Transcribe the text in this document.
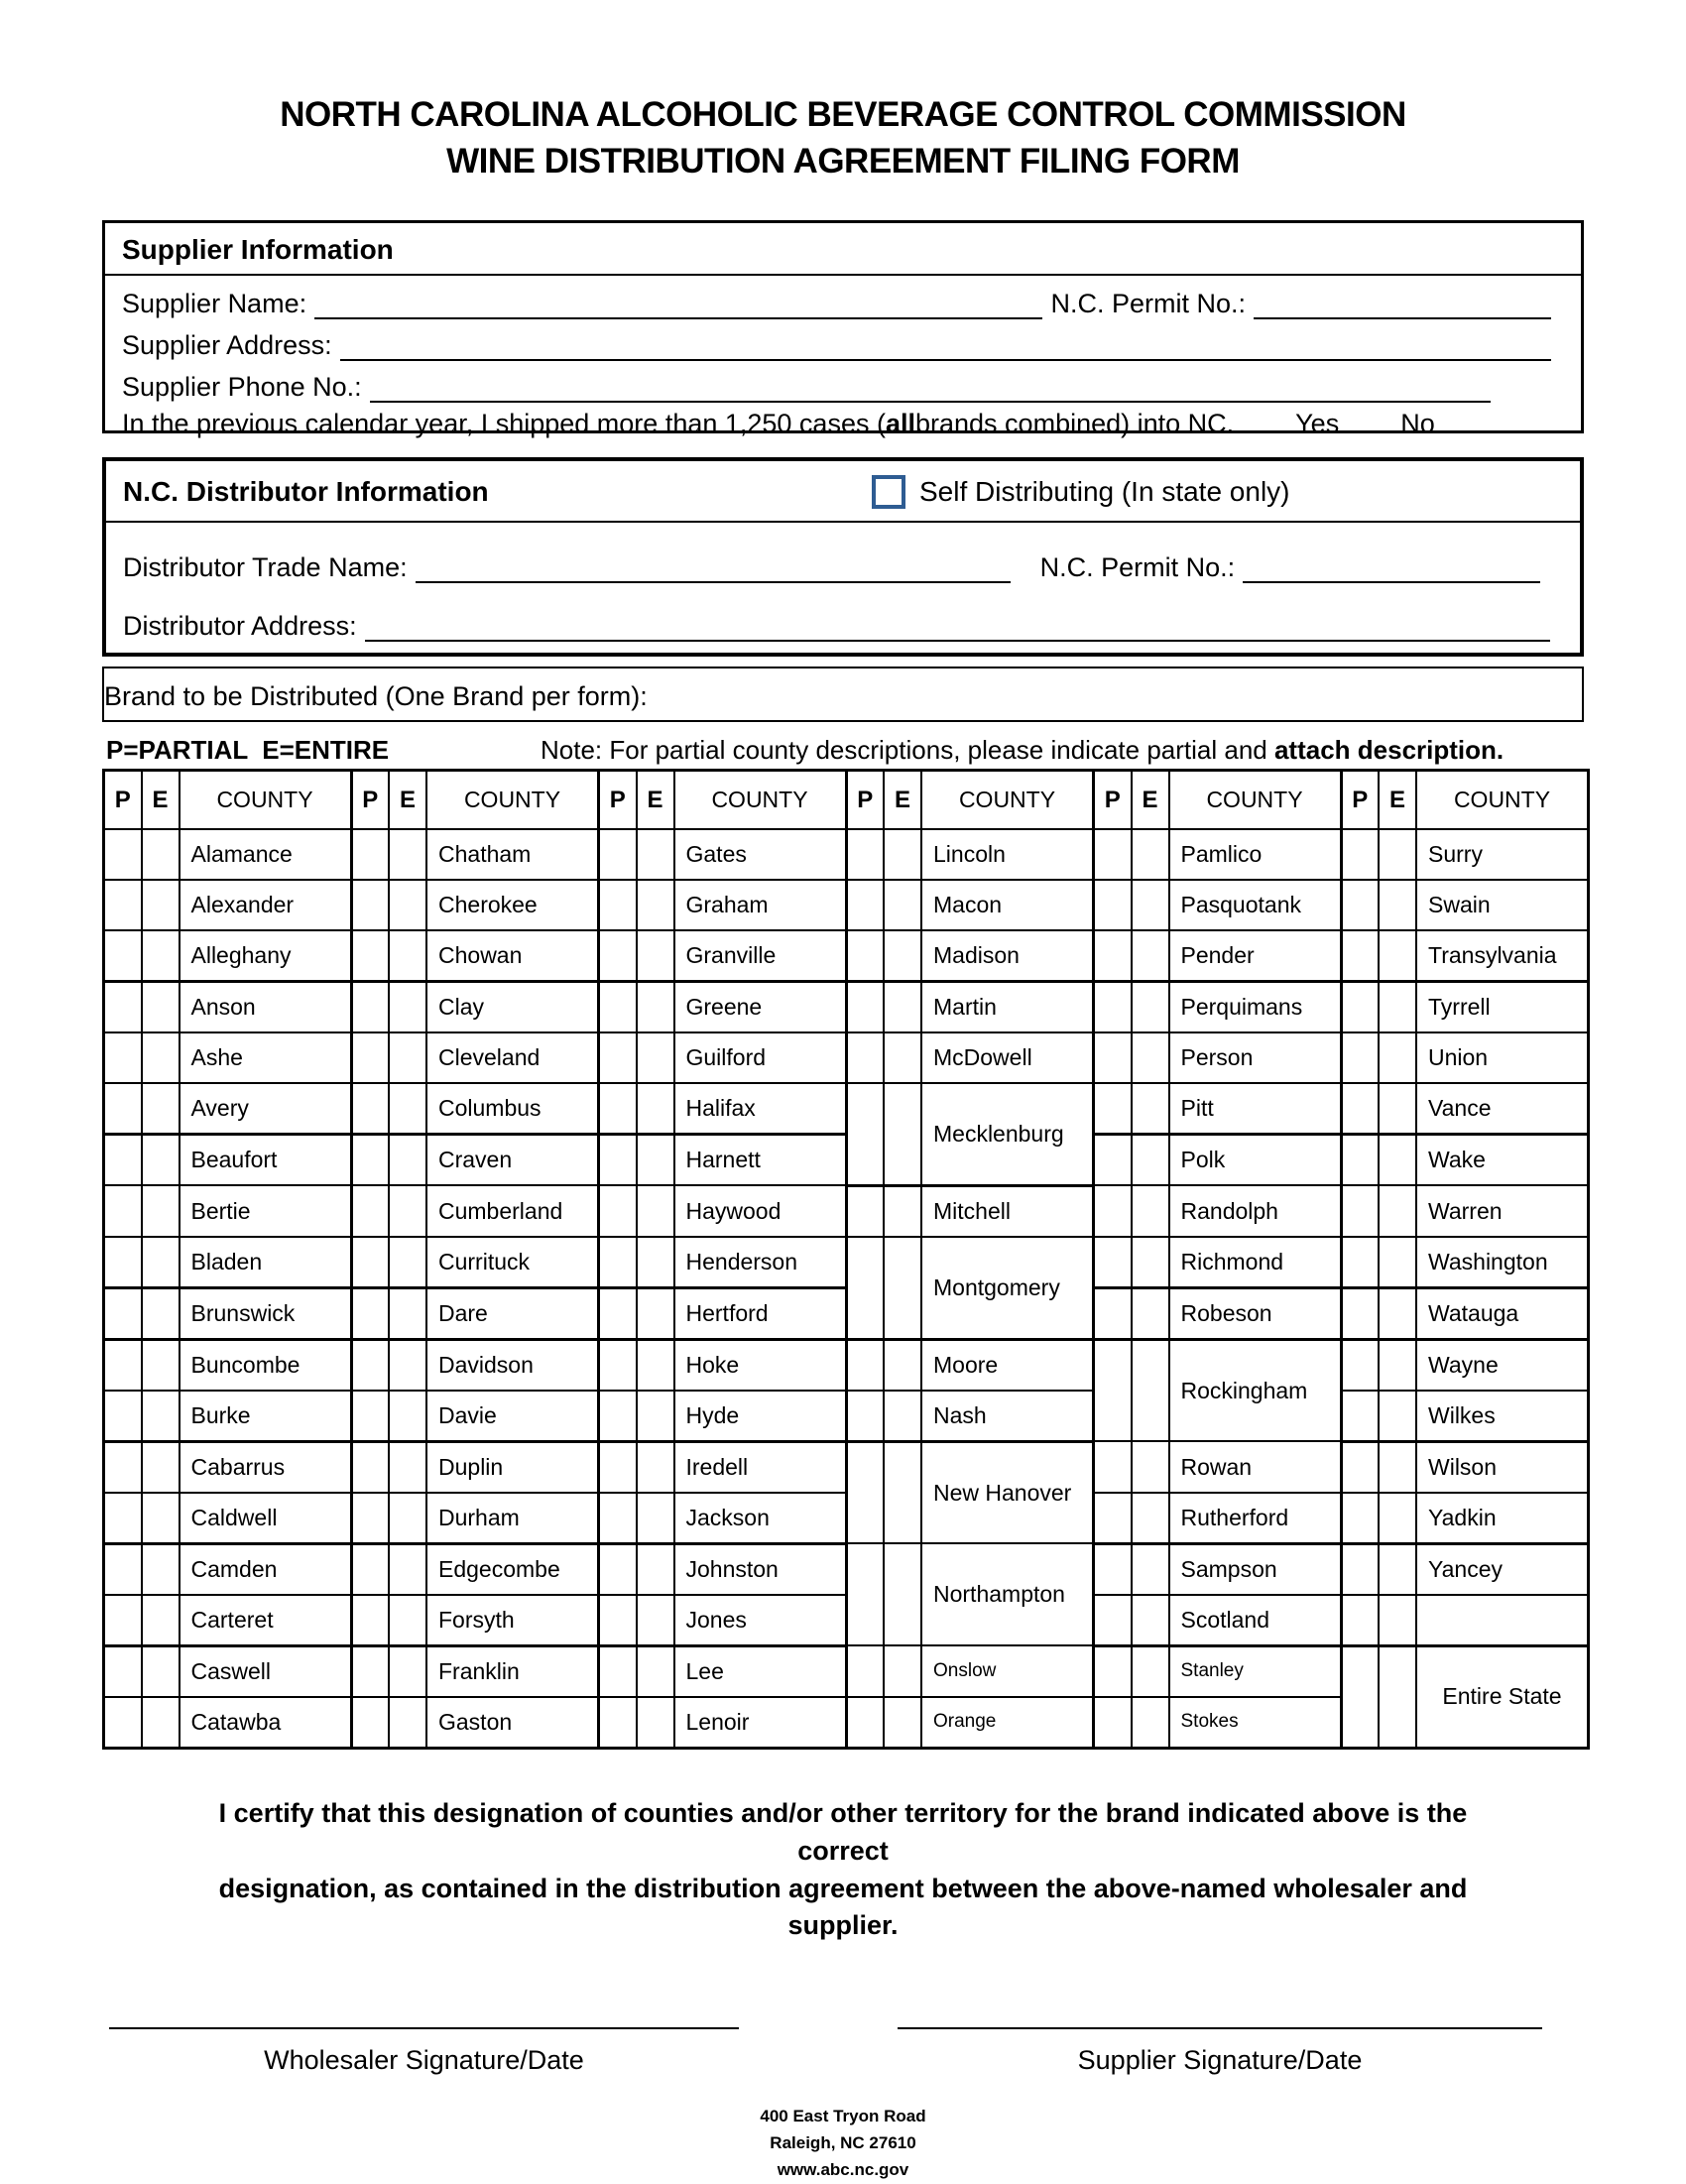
NORTH CAROLINA ALCOHOLIC BEVERAGE CONTROL COMMISSION
WINE DISTRIBUTION AGREEMENT FILING FORM
Supplier Information
Supplier Name:	N.C. Permit No.:
Supplier Address:
Supplier Phone No.:
In the previous calendar year, I shipped more than 1,250 cases ( all brands combined) into NC. Yes No
N.C. Distributor Information	Self Distributing (In state only)
Distributor Trade Name:	N.C. Permit No.:
Distributor Address:
Brand to be Distributed (One Brand per form):
P=PARTIAL  E=ENTIRE	Note: For partial county descriptions, please indicate partial and attach description.
P	E	COUNTY	P	E	COUNTY	P	E	COUNTY	P	E	COUNTY	P	E	COUNTY	P	E	COUNTY
		Alamance			Chatham			Gates			Lincoln			Pamlico			Surry
		Alexander			Cherokee			Graham			Macon			Pasquotank			Swain
		Alleghany			Chowan			Granville			Madison			Pender			Transylvania
		Anson			Clay			Greene			Martin			Perquimans			Tyrrell
		Ashe			Cleveland			Guilford			McDowell			Person			Union
		Avery			Columbus			Halifax			Mecklenburg			Pitt			Vance
		Beaufort			Craven			Harnett						Polk			Wake
		Bertie			Cumberland			Haywood			Mitchell			Randolph			Warren
		Bladen			Currituck			Henderson			Montgomery			Richmond			Washington
		Brunswick			Dare			Hertford						Robeson			Watauga
		Buncombe			Davidson			Hoke			Moore			Rockingham			Wayne
		Burke			Davie			Hyde			Nash						Wilkes
		Cabarrus			Duplin			Iredell			New Hanover			Rowan			Wilson
		Caldwell			Durham			Jackson						Rutherford			Yadkin
		Camden			Edgecombe			Johnston			Northampton			Sampson			Yancey
		Carteret			Forsyth			Jones						Scotland			
		Caswell			Franklin			Lee			Onslow			Stanley			Entire State
		Catawba			Gaston			Lenoir			Orange			Stokes			
I certify that this designation of counties and/or other territory for the brand indicated above is the correct
designation, as contained in the distribution agreement between the above-named wholesaler and supplier.
Wholesaler Signature/Date	Supplier Signature/Date
400 East Tryon Road
Raleigh, NC 27610
www.abc.nc.gov
